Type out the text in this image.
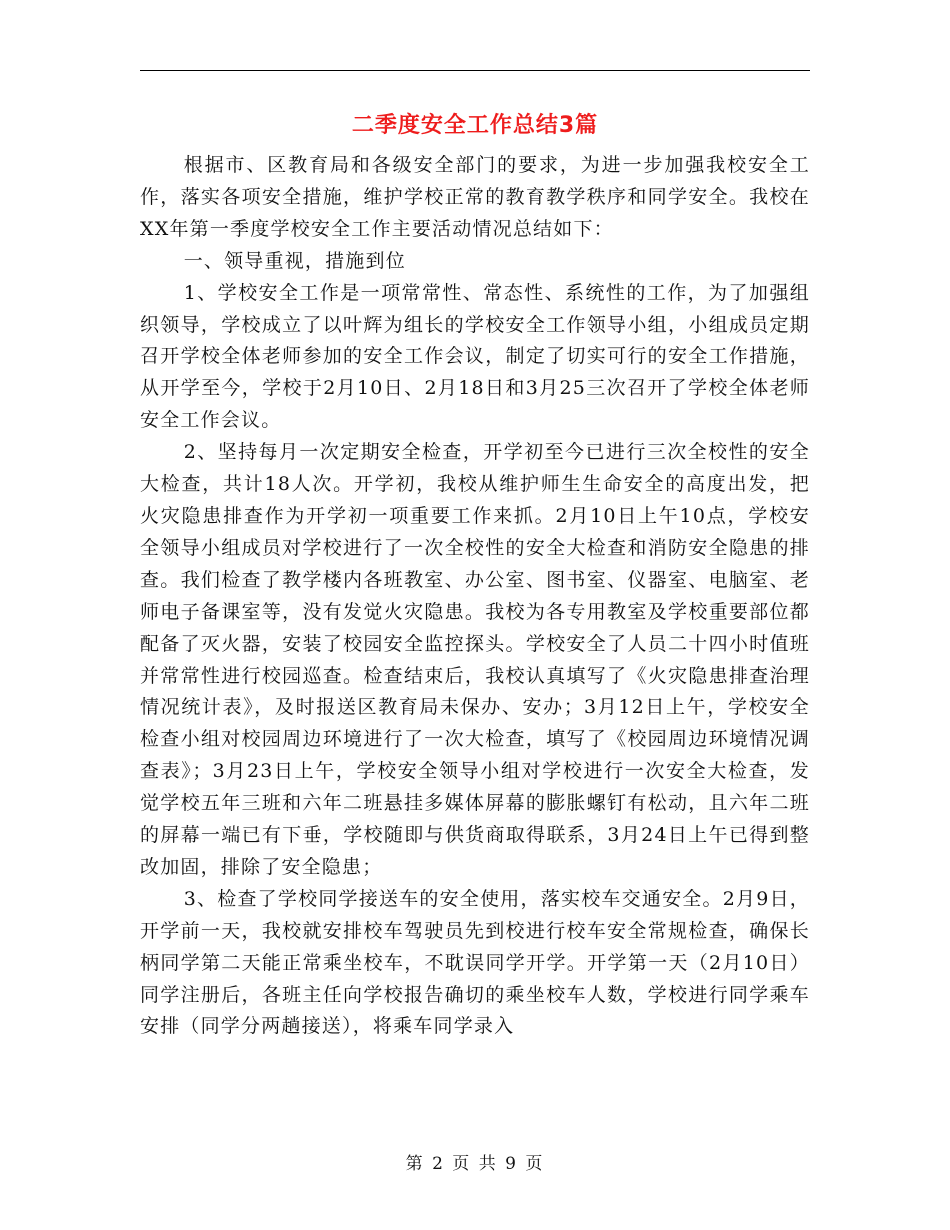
二季度安全工作总结3篇

根据市、区教育局和各级安全部门的要求，为进一步加强我校安全工作，落实各项安全措施，维护学校正常的教育教学秩序和同学安全。我校在XX年第一季度学校安全工作主要活动情况总结如下：

一、领导重视，措施到位

1、学校安全工作是一项常常性、常态性、系统性的工作，为了加强组织领导，学校成立了以叶辉为组长的学校安全工作领导小组，小组成员定期召开学校全体老师参加的安全工作会议，制定了切实可行的安全工作措施，从开学至今，学校于2月10日、2月18日和3月25三次召开了学校全体老师安全工作会议。

2、坚持每月一次定期安全检查，开学初至今已进行三次全校性的安全大检查，共计18人次。开学初，我校从维护师生生命安全的高度出发，把火灾隐患排查作为开学初一项重要工作来抓。2月10日上午10点，学校安全领导小组成员对学校进行了一次全校性的安全大检查和消防安全隐患的排查。我们检查了教学楼内各班教室、办公室、图书室、仪器室、电脑室、老师电子备课室等，没有发觉火灾隐患。我校为各专用教室及学校重要部位都配备了灭火器，安装了校园安全监控探头。学校安全了人员二十四小时值班并常常性进行校园巡查。检查结束后，我校认真填写了《火灾隐患排查治理情况统计表》，及时报送区教育局未保办、安办；3月12日上午，学校安全检查小组对校园周边环境进行了一次大检查，填写了《校园周边环境情况调查表》；3月23日上午，学校安全领导小组对学校进行一次安全大检查，发觉学校五年三班和六年二班悬挂多媒体屏幕的膨胀螺钉有松动，且六年二班的屏幕一端已有下垂，学校随即与供货商取得联系，3月24日上午已得到整改加固，排除了安全隐患；

3、检查了学校同学接送车的安全使用，落实校车交通安全。2月9日，开学前一天，我校就安排校车驾驶员先到校进行校车安全常规检查，确保长柄同学第二天能正常乘坐校车，不耽误同学开学。开学第一天（2月10日）同学注册后，各班主任向学校报告确切的乘坐校车人数，学校进行同学乘车安排（同学分两趟接送），将乘车同学录入

第 2 页 共 9 页
